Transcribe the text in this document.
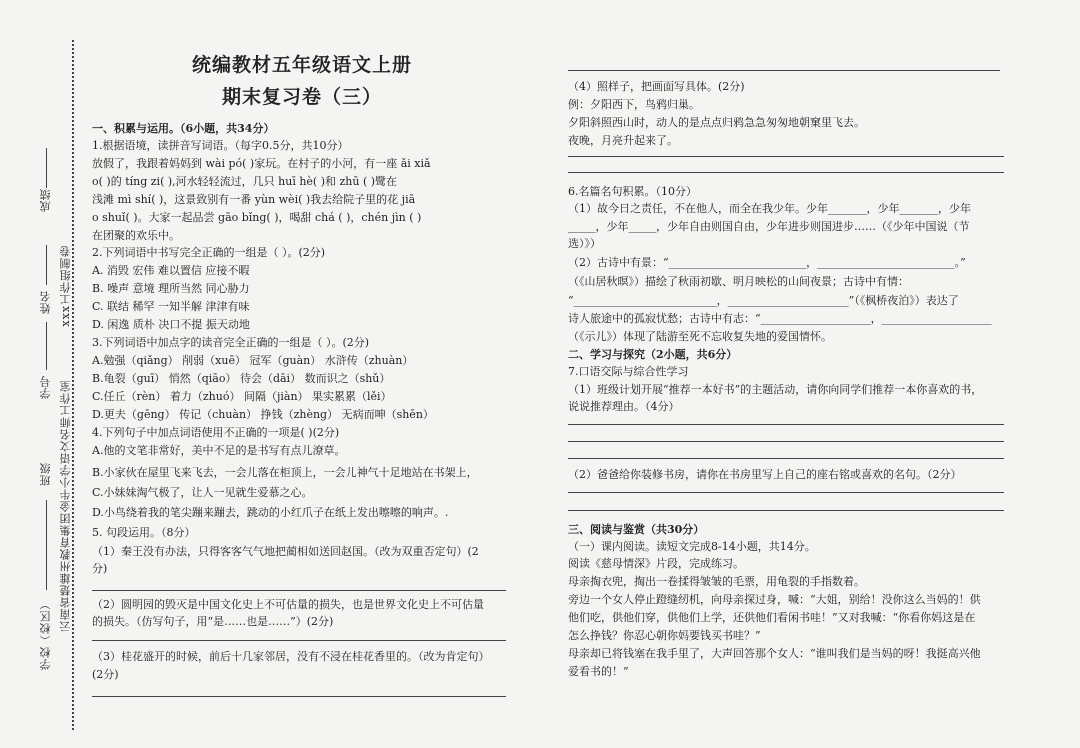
成绩
姓名 xxx工作组制卷
学号 云南省楚雄州教育集团金牛小学语文名师工作室
班级
学校（校区）
统编教材五年级语文上册
期末复习卷（三）
一、积累与运用。（6小题，共34分）
1.根据语境，读拼音写词语。（每字0.5分，共10分）
放假了，我跟着妈妈到 wài pó( )家玩。在村子的小河，有一座 ǎi xiǎ
o( )的 tíng zi( ),河水轻轻流过，几只 huī hè( )和 zhū ( )鹭在
浅滩 mì shí( )，这景致别有一番 yùn wèi( )我去给院子里的花 jiā
o shuǐ( )。大家一起品尝 gāo bǐng( )，喝甜 chá ( )，chén jìn ( )
在团聚的欢乐中。
2.下列词语中书写完全正确的一组是（ ）。(2分)
A. 消毁 宏伟 难以置信 应接不暇
B. 噪声 意境 理所当然 同心胁力
C. 联结 稀罕 一知半解 津津有味
D. 闲逸 质朴 决口不提 振天动地
3.下列词语中加点字的读音完全正确的一组是（ ）。(2分)
A.勉强（qiǎng） 削弱（xuē） 冠军（guàn） 水浒传（zhuàn）
B.龟裂（guī） 悄然（qiāo） 待会（dāi） 数而识之（shǔ）
C.任丘（rèn） 着力（zhuó） 间隔（jiàn） 果实累累（lěi）
D.更夫（gēng） 传记（chuàn） 挣钱（zhèng） 无病而呻（shēn）
4.下列句子中加点词语使用不正确的一项是( )(2分)
A.他的文笔非常好，美中不足的是书写有点儿潦草。
B.小家伙在屋里飞来飞去，一会儿落在柜顶上，一会儿神气十足地站在书架上，
C.小妹妹淘气极了，让人一见就生爱慕之心。
D.小鸟绕着我的笔尖蹦来蹦去，跳动的小红爪子在纸上发出嚓嚓的响声。.
5. 句段运用。（8分）
（1）秦王没有办法，只得客客气气地把蔺相如送回赵国。（改为双重否定句）(2
分)
（2）圆明园的毁灭是中国文化史上不可估量的损失，也是世界文化史上不可估量
的损失。（仿写句子，用“是……也是……”）(2分)
（3）桂花盛开的时候，前后十几家邻居，没有不浸在桂花香里的。（改为肯定句）
(2分)
（4）照样子，把画面写具体。(2分)
例：夕阳西下，鸟鸦归巢。
夕阳斜照西山时，动人的是点点归鸦急急匆匆地朝窠里飞去。
夜晚，月亮升起来了。
6.名篇名句积累。（10分）
（1）故今日之责任，不在他人，而全在我少年。少年_______，少年_______，少年
_____，少年_____，少年自由则国自由，少年进步则国进步……（《少年中国说（节
选）》）
（2）古诗中有景：“_________________________，_________________________。”
（《山居秋暝》）描绘了秋雨初歇、明月映松的山间夜景；古诗中有情：
“__________________________，______________________”（《枫桥夜泊》）表达了
诗人旅途中的孤寂忧愁；古诗中有志：“____________________，____________________
（《示儿》）体现了陆游至死不忘收复失地的爱国情怀。
二、学习与探究（2小题，共6分）
7.口语交际与综合性学习
（1）班级计划开展“推荐一本好书”的主题活动，请你向同学们推荐一本你喜欢的书，
说说推荐理由。（4分）
（2）爸爸给你装修书房，请你在书房里写上自己的座右铭或喜欢的名句。（2分）
三、阅读与鉴赏（共30分）
（一）课内阅读。读短文完成8-14小题，共14分。
阅读《慈母情深》片段，完成练习。
母亲掏衣兜，掏出一卷揉得皱皱的毛票，用龟裂的手指数着。
旁边一个女人停止蹬缝纫机，向母亲探过身，喊：“大姐，别给！没你这么当妈的！供
他们吃，供他们穿，供他们上学，还供他们看闲书哇！”又对我喊：“你看你妈这是在
怎么挣钱？你忍心朝你妈要钱买书哇？”
母亲却已将钱塞在我手里了，大声回答那个女人：“谁叫我们是当妈的呀！我挺高兴他
爱看书的！”
